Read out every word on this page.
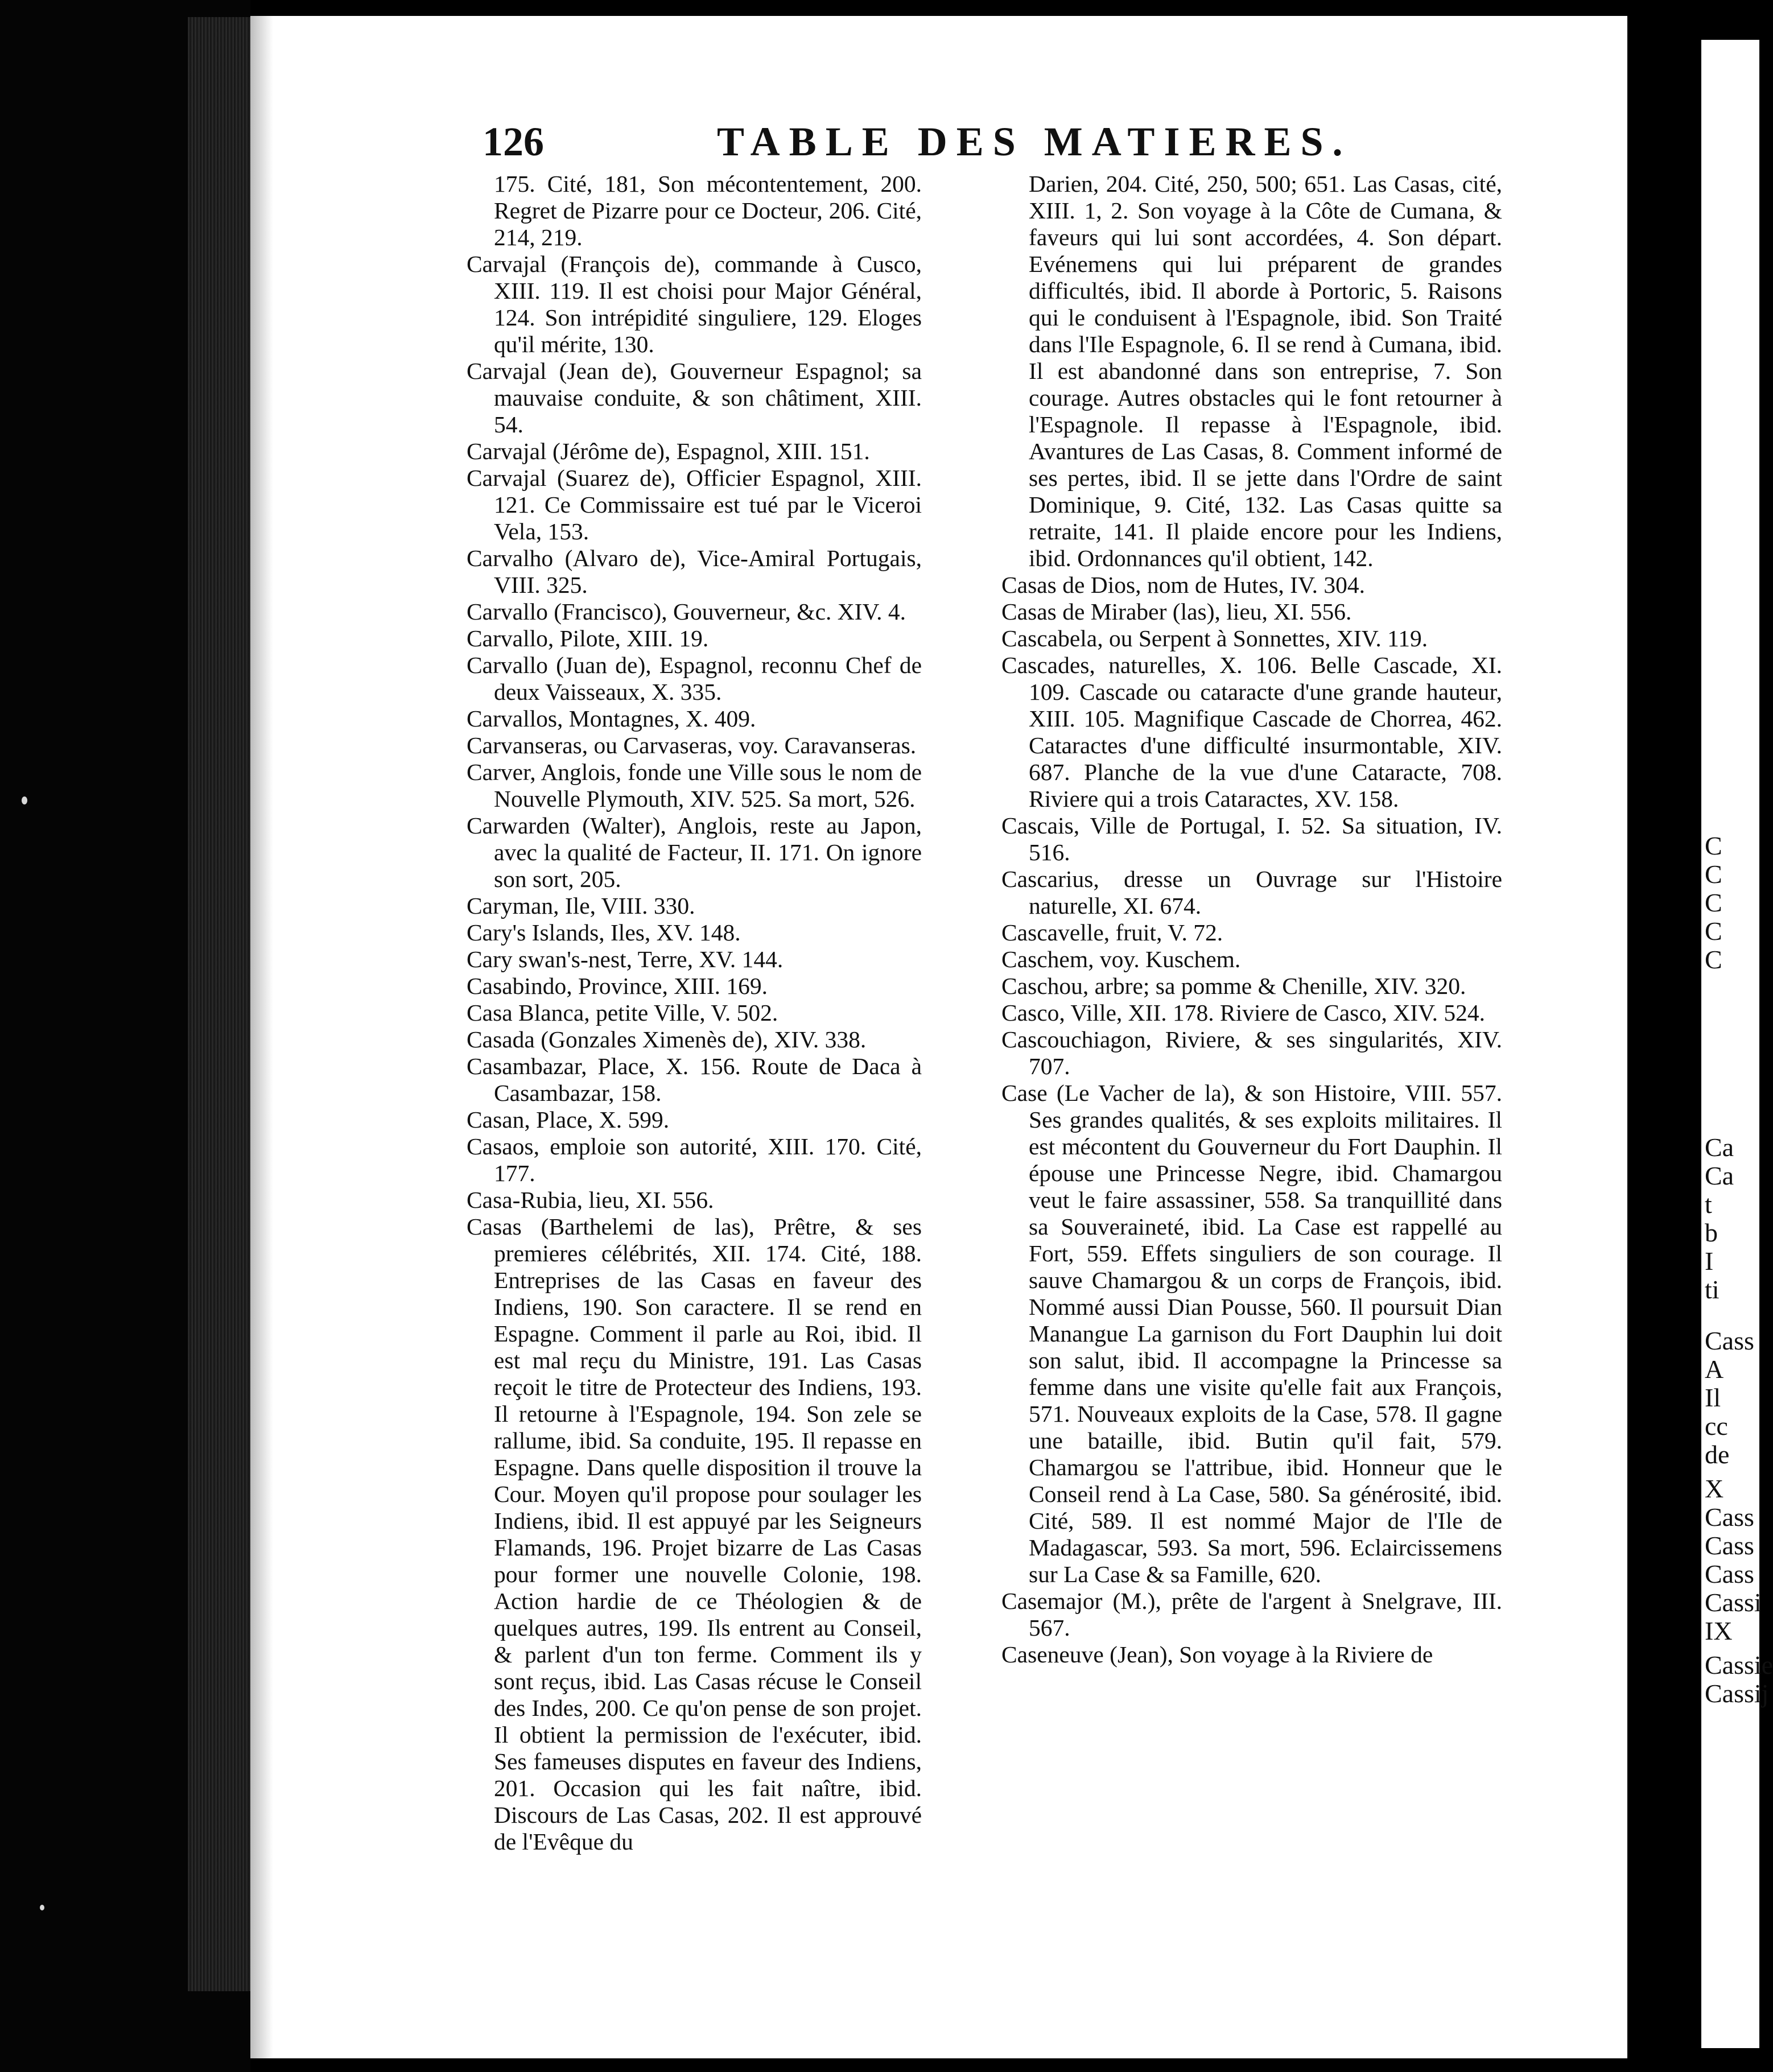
126	TABLE DES MATIERES.

175. Cité, 181, Son mécontentement, 200. Regret de Pizarre pour ce Docteur, 206. Cité, 214, 219.

Carvajal (François de), commande à Cusco, XIII. 119. Il est choisi pour Major Général, 124. Son intrépidité singuliere, 129. Eloges qu'il mérite, 130.

Carvajal (Jean de), Gouverneur Espagnol; sa mauvaise conduite, & son châtiment, XIII. 54.

Carvajal (Jérôme de), Espagnol, XIII. 151.

Carvajal (Suarez de), Officier Espagnol, XIII. 121. Ce Commissaire est tué par le Viceroi Vela, 153.

Carvalho (Alvaro de), Vice-Amiral Portugais, VIII. 325.

Carvallo (Francisco), Gouverneur, &c. XIV. 4.

Carvallo, Pilote, XIII. 19.

Carvallo (Juan de), Espagnol, reconnu Chef de deux Vaisseaux, X. 335.

Carvallos, Montagnes, X. 409.

Carvanseras, ou Carvaseras, voy. Caravanseras.

Carver, Anglois, fonde une Ville sous le nom de Nouvelle Plymouth, XIV. 525. Sa mort, 526.

Carwarden (Walter), Anglois, reste au Japon, avec la qualité de Facteur, II. 171. On ignore son sort, 205.

Caryman, Ile, VIII. 330.

Cary's Islands, Iles, XV. 148.

Cary swan's-nest, Terre, XV. 144.

Casabindo, Province, XIII. 169.

Casa Blanca, petite Ville, V. 502.

Casada (Gonzales Ximenès de), XIV. 338.

Casambazar, Place, X. 156. Route de Daca à Casambazar, 158.

Casan, Place, X. 599.

Casaos, emploie son autorité, XIII. 170. Cité, 177.

Casa-Rubia, lieu, XI. 556.

Casas (Barthelemi de las), Prêtre, & ses premieres célébrités, XII. 174. Cité, 188. Entreprises de las Casas en faveur des Indiens, 190. Son caractere. Il se rend en Espagne. Comment il parle au Roi, ibid. Il est mal reçu du Ministre, 191. Las Casas reçoit le titre de Protecteur des Indiens, 193. Il retourne à l'Espagnole, 194. Son zele se rallume, ibid. Sa conduite, 195. Il repasse en Espagne. Dans quelle disposition il trouve la Cour. Moyen qu'il propose pour soulager les Indiens, ibid. Il est appuyé par les Seigneurs Flamands, 196. Projet bizarre de Las Casas pour former une nouvelle Colonie, 198. Action hardie de ce Théologien & de quelques autres, 199. Ils entrent au Conseil, & parlent d'un ton ferme. Comment ils y sont reçus, ibid. Las Casas récuse le Conseil des Indes, 200. Ce qu'on pense de son projet. Il obtient la permission de l'exécuter, ibid. Ses fameuses disputes en faveur des Indiens, 201. Occasion qui les fait naître, ibid. Discours de Las Casas, 202. Il est approuvé de l'Evêque du

Darien, 204. Cité, 250, 500; 651. Las Casas, cité, XIII. 1, 2. Son voyage à la Côte de Cumana, & faveurs qui lui sont accordées, 4. Son départ. Evénemens qui lui préparent de grandes difficultés, ibid. Il aborde à Portoric, 5. Raisons qui le conduisent à l'Espagnole, ibid. Son Traité dans l'Ile Espagnole, 6. Il se rend à Cumana, ibid. Il est abandonné dans son entreprise, 7. Son courage. Autres obstacles qui le font retourner à l'Espagnole. Il repasse à l'Espagnole, ibid. Avantures de Las Casas, 8. Comment informé de ses pertes, ibid. Il se jette dans l'Ordre de saint Dominique, 9. Cité, 132. Las Casas quitte sa retraite, 141. Il plaide encore pour les Indiens, ibid. Ordonnances qu'il obtient, 142.

Casas de Dios, nom de Hutes, IV. 304.

Casas de Miraber (las), lieu, XI. 556.

Cascabela, ou Serpent à Sonnettes, XIV. 119.

Cascades, naturelles, X. 106. Belle Cascade, XI. 109. Cascade ou cataracte d'une grande hauteur, XIII. 105. Magnifique Cascade de Chorrea, 462. Cataractes d'une difficulté insurmontable, XIV. 687. Planche de la vue d'une Cataracte, 708. Riviere qui a trois Cataractes, XV. 158.

Cascais, Ville de Portugal, I. 52. Sa situation, IV. 516.

Cascarius, dresse un Ouvrage sur l'Histoire naturelle, XI. 674.

Cascavelle, fruit, V. 72.

Caschem, voy. Kuschem.

Caschou, arbre; sa pomme & Chenille, XIV. 320.

Casco, Ville, XII. 178. Riviere de Casco, XIV. 524.

Cascouchiagon, Riviere, & ses singularités, XIV. 707.

Case (Le Vacher de la), & son Histoire, VIII. 557. Ses grandes qualités, & ses exploits militaires. Il est mécontent du Gouverneur du Fort Dauphin. Il épouse une Princesse Negre, ibid. Chamargou veut le faire assassiner, 558. Sa tranquillité dans sa Souveraineté, ibid. La Case est rappellé au Fort, 559. Effets singuliers de son courage. Il sauve Chamargou & un corps de François, ibid. Nommé aussi Dian Pousse, 560. Il poursuit Dian Manangue La garnison du Fort Dauphin lui doit son salut, ibid. Il accompagne la Princesse sa femme dans une visite qu'elle fait aux François, 571. Nouveaux exploits de la Case, 578. Il gagne une bataille, ibid. Butin qu'il fait, 579. Chamargou se l'attribue, ibid. Honneur que le Conseil rend à La Case, 580. Sa générosité, ibid. Cité, 589. Il est nommé Major de l'Ile de Madagascar, 593. Sa mort, 596. Eclaircissemens sur La Case & sa Famille, 620.

Casemajor (M.), prête de l'argent à Snelgrave, III. 567.

Caseneuve (Jean), Son voyage à la Riviere de

C
C
C
C
C
Ca
Ca
t
b
I
ti
Cass
A
Il
cc
de
X
Cass
Cass
Cass
Cassi
IX
Cassie
Cassij
